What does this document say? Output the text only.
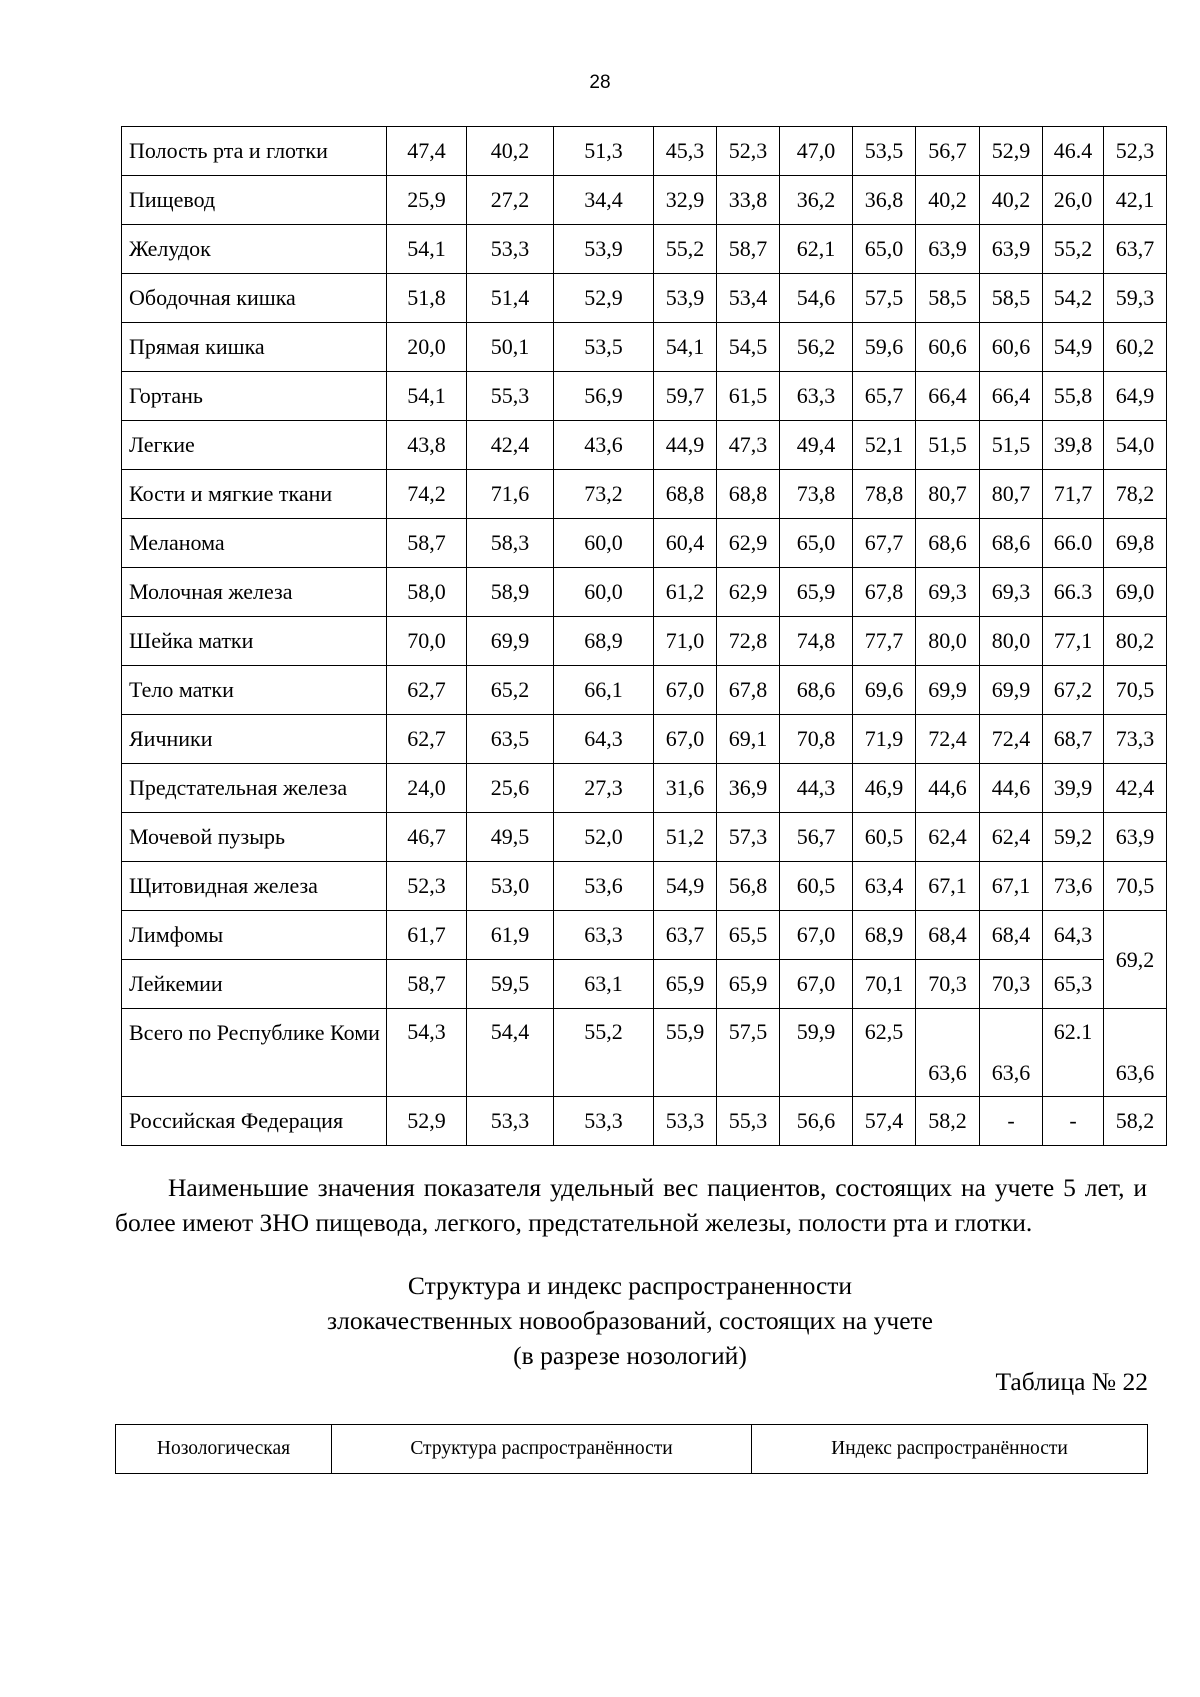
28
Полость рта и глотки	47,4	40,2	51,3	45,3	52,3	47,0	53,5	56,7	52,9	46.4	52,3
Пищевод	25,9	27,2	34,4	32,9	33,8	36,2	36,8	40,2	40,2	26,0	42,1
Желудок	54,1	53,3	53,9	55,2	58,7	62,1	65,0	63,9	63,9	55,2	63,7
Ободочная кишка	51,8	51,4	52,9	53,9	53,4	54,6	57,5	58,5	58,5	54,2	59,3
Прямая кишка	20,0	50,1	53,5	54,1	54,5	56,2	59,6	60,6	60,6	54,9	60,2
Гортань	54,1	55,3	56,9	59,7	61,5	63,3	65,7	66,4	66,4	55,8	64,9
Легкие	43,8	42,4	43,6	44,9	47,3	49,4	52,1	51,5	51,5	39,8	54,0
Кости и мягкие ткани	74,2	71,6	73,2	68,8	68,8	73,8	78,8	80,7	80,7	71,7	78,2
Меланома	58,7	58,3	60,0	60,4	62,9	65,0	67,7	68,6	68,6	66.0	69,8
Молочная железа	58,0	58,9	60,0	61,2	62,9	65,9	67,8	69,3	69,3	66.3	69,0
Шейка матки	70,0	69,9	68,9	71,0	72,8	74,8	77,7	80,0	80,0	77,1	80,2
Тело матки	62,7	65,2	66,1	67,0	67,8	68,6	69,6	69,9	69,9	67,2	70,5
Яичники	62,7	63,5	64,3	67,0	69,1	70,8	71,9	72,4	72,4	68,7	73,3
Предстательная железа	24,0	25,6	27,3	31,6	36,9	44,3	46,9	44,6	44,6	39,9	42,4
Мочевой пузырь	46,7	49,5	52,0	51,2	57,3	56,7	60,5	62,4	62,4	59,2	63,9
Щитовидная железа	52,3	53,0	53,6	54,9	56,8	60,5	63,4	67,1	67,1	73,6	70,5
Лимфомы	61,7	61,9	63,3	63,7	65,5	67,0	68,9	68,4	68,4	64,3	69,2
Лейкемии	58,7	59,5	63,1	65,9	65,9	67,0	70,1	70,3	70,3	65,3	

Всего по Республике Коми	54,3	54,4	55,2	55,9	57,5	59,9	62,5	63,6	63,6	62.1	63,6
Российская Федерация	52,9	53,3	53,3	53,3	55,3	56,6	57,4	58,2	-	-	58,2

Наименьшие значения показателя удельный вес пациентов, состоящих на учете 5 лет, и более имеют ЗНО пищевода, легкого, предстательной железы, полости рта и глотки.

Структура и индекс распространенности
злокачественных новообразований, состоящих на учете
(в разрезе нозологий)
Таблица № 22
Нозологическая	Структура распространённости	Индекс распространённости
